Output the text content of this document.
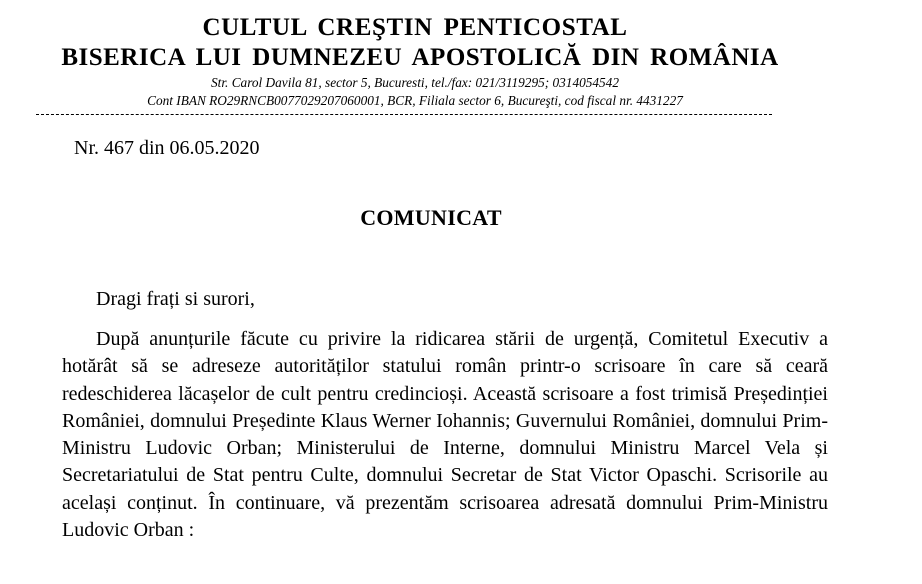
CULTUL CREŞTIN PENTICOSTAL
BISERICA LUI DUMNEZEU APOSTOLICĂ DIN ROMÂNIA
Str. Carol Davila 81, sector 5, Bucuresti, tel./fax: 021/3119295; 0314054542
Cont IBAN RO29RNCB0077029207060001, BCR, Filiala sector 6, Bucureşti, cod fiscal nr. 4431227
Nr. 467 din 06.05.2020
COMUNICAT
Dragi frați si surori,
După anunțurile făcute cu privire la ridicarea stării de urgență, Comitetul Executiv a hotărât să se adreseze autorităților statului român printr-o scrisoare în care să ceară redeschiderea lăcașelor de cult pentru credincioși. Această scrisoare a fost trimisă Președinției României, domnului Președinte Klaus Werner Iohannis; Guvernului României, domnului Prim-Ministru Ludovic Orban; Ministerului de Interne, domnului Ministru Marcel Vela și Secretariatului de Stat pentru Culte, domnului Secretar de Stat Victor Opaschi. Scrisorile au același conținut. În continuare, vă prezentăm scrisoarea adresată domnului Prim-Ministru Ludovic Orban :
